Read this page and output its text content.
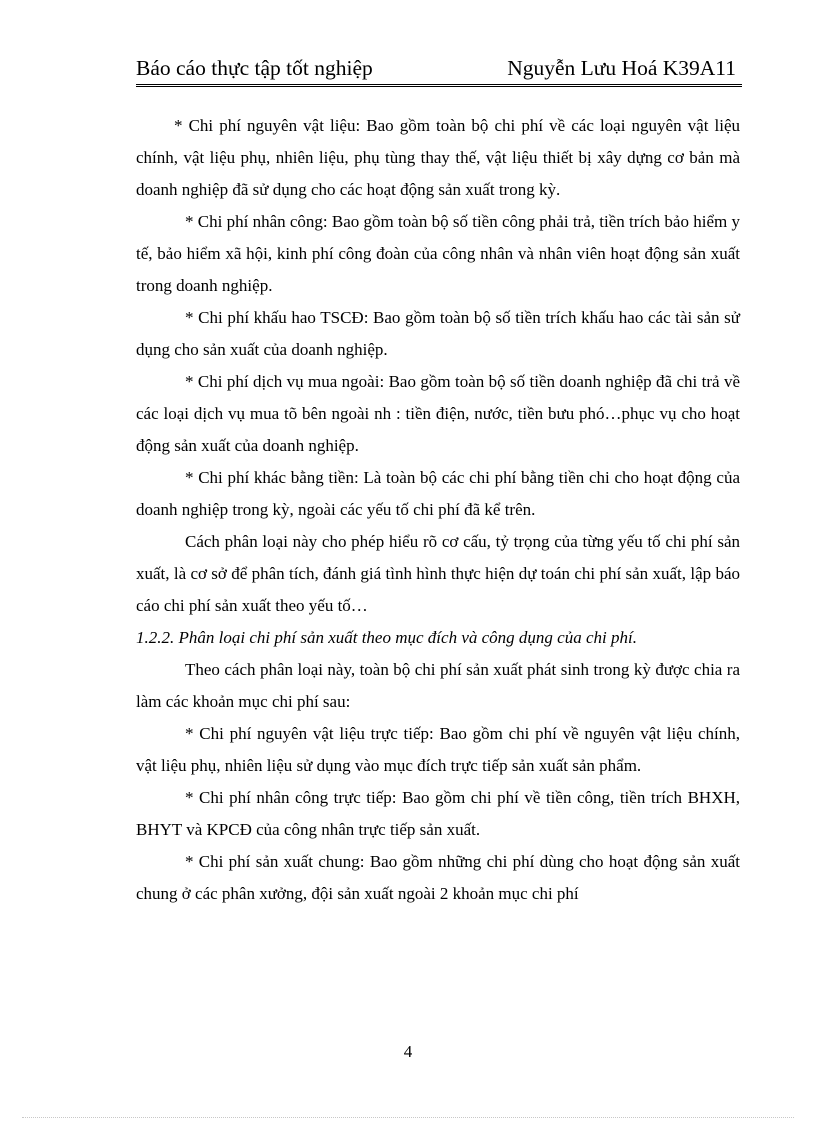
Báo cáo thực tập tốt nghiệp	Nguyễn Lưu Hoá K39A11

* Chi phí nguyên vật liệu: Bao gồm toàn bộ chi phí về các loại nguyên vật liệu chính, vật liệu phụ, nhiên liệu, phụ tùng thay thế, vật liệu thiết bị xây dựng cơ bản mà doanh nghiệp đã sử dụng cho các hoạt động sản xuất trong kỳ.

* Chi phí nhân công: Bao gồm toàn bộ số tiền công phải trả, tiền trích bảo hiểm y tế, bảo hiểm xã hội, kinh phí công đoàn của công nhân và nhân viên hoạt động sản xuất trong doanh nghiệp.

* Chi phí khấu hao TSCĐ: Bao gồm toàn bộ số tiền trích khấu hao các tài sản sử dụng cho sản xuất của doanh nghiệp.

* Chi phí dịch vụ mua ngoài: Bao gồm toàn bộ số tiền doanh nghiệp đã chi trả về các loại dịch vụ mua tõ bên ngoài nh : tiền điện, nước, tiền bưu phó…phục vụ cho hoạt động sản xuất của doanh nghiệp.

* Chi phí khác bằng tiền: Là toàn bộ các chi phí bằng tiền chi cho hoạt động của doanh nghiệp trong kỳ, ngoài các yếu tố chi phí đã kể trên.

Cách phân loại này cho phép hiểu rõ cơ cấu, tỷ trọng của từng yếu tố chi phí sản xuất, là cơ sở để phân tích, đánh giá tình hình thực hiện dự toán chi phí sản xuất, lập báo cáo chi phí sản xuất theo yếu tố…

1.2.2. Phân loại chi phí sản xuất theo mục đích và công dụng của chi phí.

Theo cách phân loại này, toàn bộ chi phí sản xuất phát sinh trong kỳ được chia ra làm các khoản mục chi phí sau:

* Chi phí nguyên vật liệu trực tiếp: Bao gồm chi phí về nguyên vật liệu chính, vật liệu phụ, nhiên liệu sử dụng vào mục đích trực tiếp sản xuất sản phẩm.

* Chi phí nhân công trực tiếp: Bao gồm chi phí về tiền công, tiền trích BHXH, BHYT và KPCĐ của công nhân trực tiếp sản xuất.

* Chi phí sản xuất chung: Bao gồm những chi phí dùng cho hoạt động sản xuất chung ở các phân xưởng, đội sản xuất ngoài 2 khoản mục chi phí

4
